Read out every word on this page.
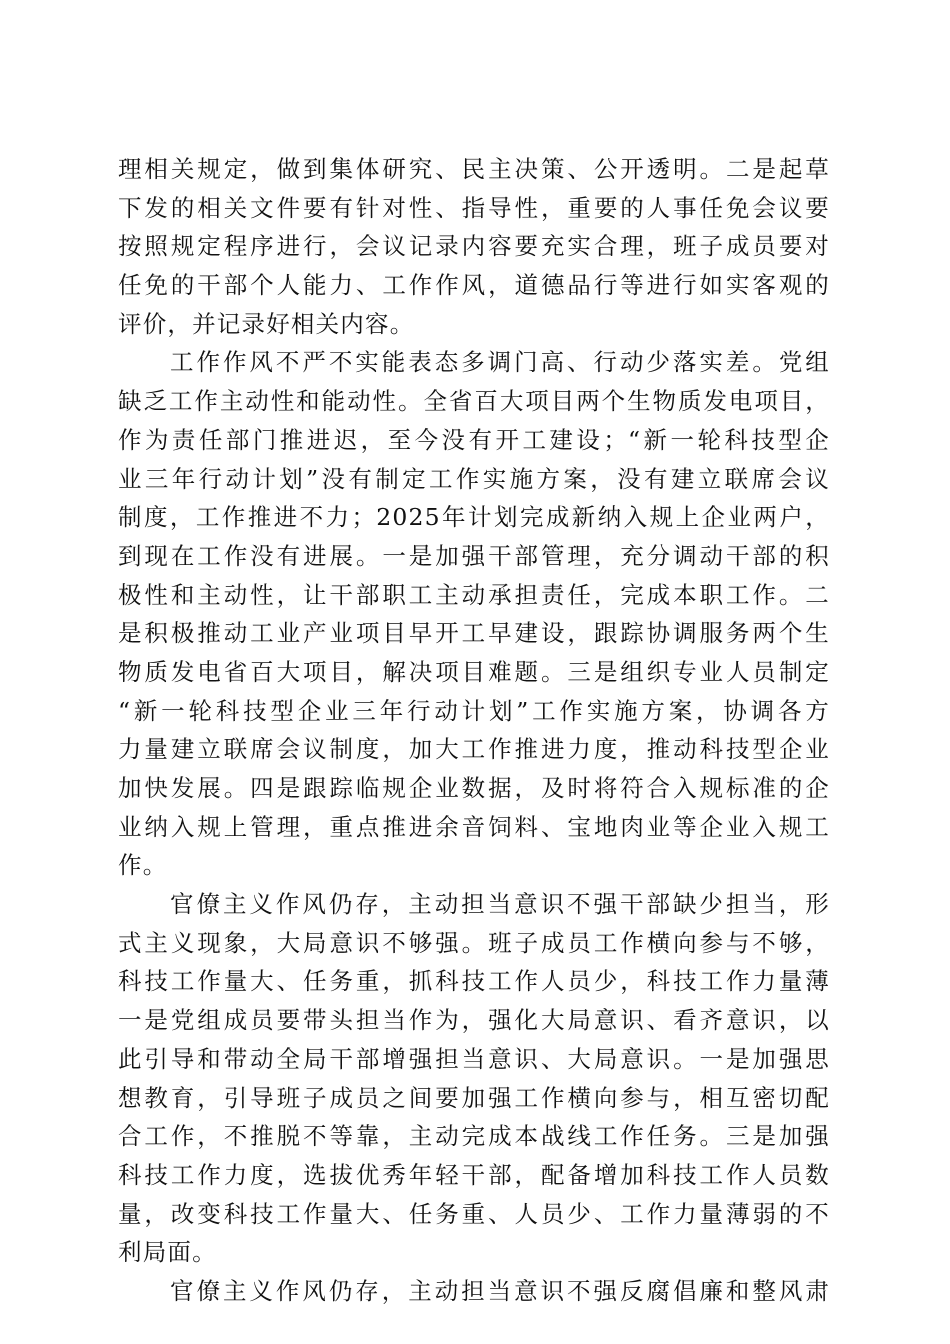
理相关规定，做到集体研究、民主决策、公开透明。二是起草
下发的相关文件要有针对性、指导性，重要的人事任免会议要
按照规定程序进行，会议记录内容要充实合理，班子成员要对
任免的干部个人能力、工作作风，道德品行等进行如实客观的
评价，并记录好相关内容。
工作作风不严不实能表态多调门高、行动少落实差。党组
缺乏工作主动性和能动性。全省百大项目两个生物质发电项目，
作为责任部门推进迟，至今没有开工建设；“新一轮科技型企
业三年行动计划”没有制定工作实施方案，没有建立联席会议
制度，工作推进不力；2025年计划完成新纳入规上企业两户，
到现在工作没有进展。一是加强干部管理，充分调动干部的积
极性和主动性，让干部职工主动承担责任，完成本职工作。二
是积极推动工业产业项目早开工早建设，跟踪协调服务两个生
物质发电省百大项目，解决项目难题。三是组织专业人员制定
“新一轮科技型企业三年行动计划”工作实施方案，协调各方
力量建立联席会议制度，加大工作推进力度，推动科技型企业
加快发展。四是跟踪临规企业数据，及时将符合入规标准的企
业纳入规上管理，重点推进余音饲料、宝地肉业等企业入规工
作。
官僚主义作风仍存，主动担当意识不强干部缺少担当，形
式主义现象，大局意识不够强。班子成员工作横向参与不够，
科技工作量大、任务重，抓科技工作人员少，科技工作力量薄
一是党组成员要带头担当作为，强化大局意识、看齐意识，以
此引导和带动全局干部增强担当意识、大局意识。一是加强思
想教育，引导班子成员之间要加强工作横向参与，相互密切配
合工作，不推脱不等靠，主动完成本战线工作任务。三是加强
科技工作力度，选拔优秀年轻干部，配备增加科技工作人员数
量，改变科技工作量大、任务重、人员少、工作力量薄弱的不
利局面。
官僚主义作风仍存，主动担当意识不强反腐倡廉和整风肃
